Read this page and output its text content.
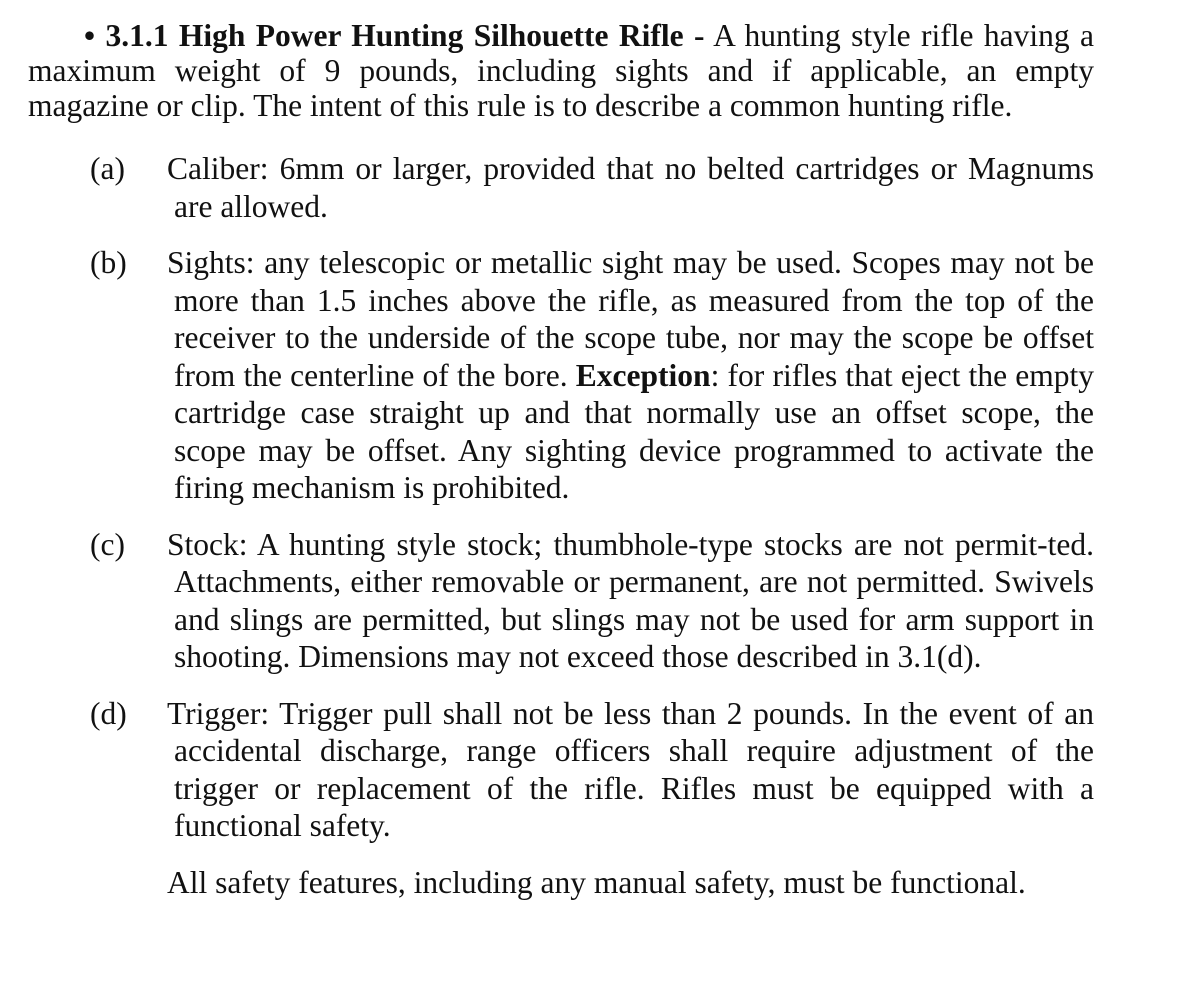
• 3.1.1 High Power Hunting Silhouette Rifle - A hunting style rifle having a maximum weight of 9 pounds, including sights and if applicable, an empty magazine or clip. The intent of this rule is to describe a common hunting rifle.

(a) Caliber: 6mm or larger, provided that no belted cartridges or Magnums are allowed.
(b) Sights: any telescopic or metallic sight may be used. Scopes may not be more than 1.5 inches above the rifle, as measured from the top of the receiver to the underside of the scope tube, nor may the scope be offset from the centerline of the bore. Exception: for rifles that eject the empty cartridge case straight up and that normally use an offset scope, the scope may be offset. Any sighting device programmed to activate the firing mechanism is prohibited.
(c) Stock: A hunting style stock; thumbhole-type stocks are not permit-ted. Attachments, either removable or permanent, are not permitted. Swivels and slings are permitted, but slings may not be used for arm support in shooting. Dimensions may not exceed those described in 3.1(d).
(d) Trigger: Trigger pull shall not be less than 2 pounds. In the event of an accidental discharge, range officers shall require adjustment of the trigger or replacement of the rifle. Rifles must be equipped with a functional safety.
All safety features, including any manual safety, must be functional.
